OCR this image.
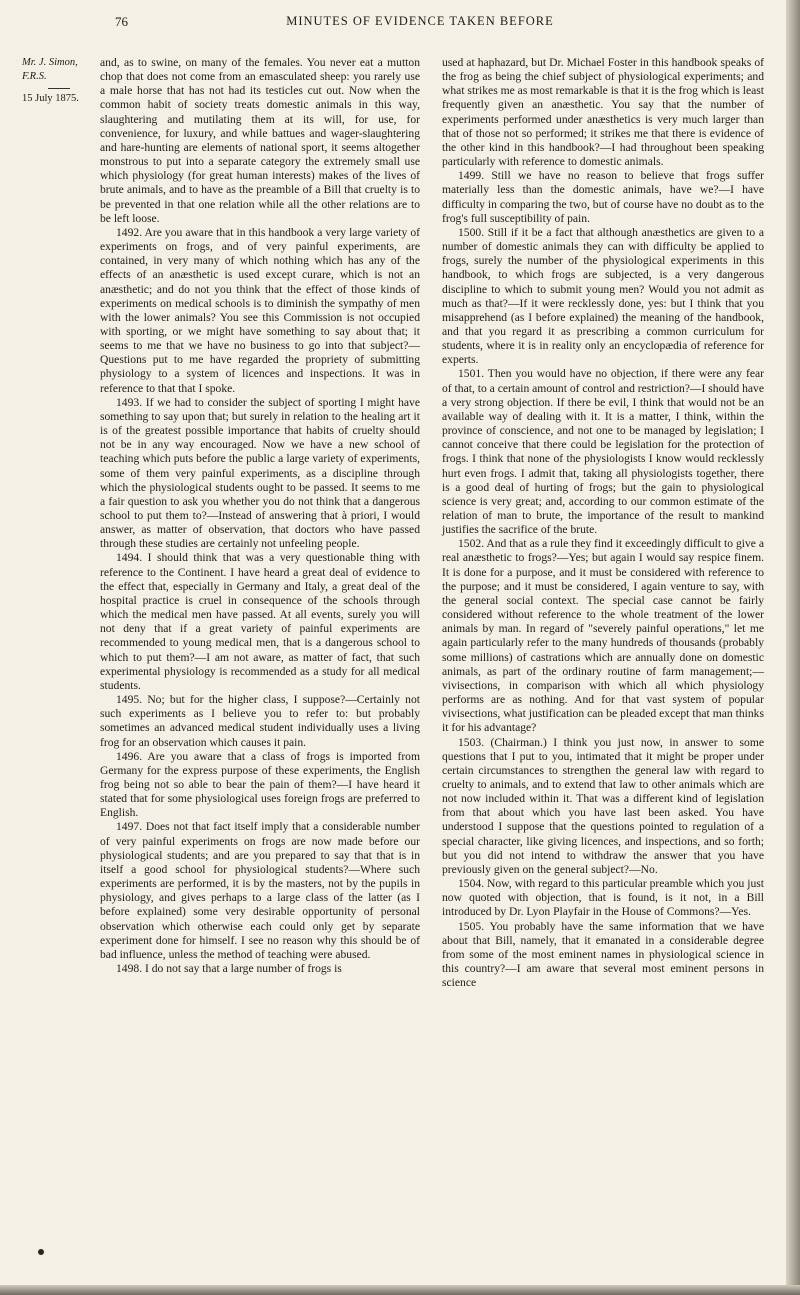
76	MINUTES OF EVIDENCE TAKEN BEFORE
Mr. J. Simon, F.R.S.
15 July 1875.

and, as to swine, on many of the females. You never eat a mutton chop that does not come from an emasculated sheep: you rarely use a male horse that has not had its testicles cut out. Now when the common habit of society treats domestic animals in this way, slaughtering and mutilating them at its will, for use, for convenience, for luxury, and while battues and wager-slaughtering and hare-hunting are elements of national sport, it seems altogether monstrous to put into a separate category the extremely small use which physiology (for great human interests) makes of the lives of brute animals, and to have as the preamble of a Bill that cruelty is to be prevented in that one relation while all the other relations are to be left loose.

1492. Are you aware that in this handbook a very large variety of experiments on frogs, and of very painful experiments, are contained, in very many of which nothing which has any of the effects of an anæsthetic is used except curare, which is not an anæsthetic; and do not you think that the effect of those kinds of experiments on medical schools is to diminish the sympathy of men with the lower animals? You see this Commission is not occupied with sporting, or we might have something to say about that; it seems to me that we have no business to go into that subject?—Questions put to me have regarded the propriety of submitting physiology to a system of licences and inspections. It was in reference to that that I spoke.

1493. If we had to consider the subject of sporting I might have something to say upon that; but surely in relation to the healing art it is of the greatest possible importance that habits of cruelty should not be in any way encouraged. Now we have a new school of teaching which puts before the public a large variety of experiments, some of them very painful experiments, as a discipline through which the physiological students ought to be passed. It seems to me a fair question to ask you whether you do not think that a dangerous school to put them to?—Instead of answering that à priori, I would answer, as matter of observation, that doctors who have passed through these studies are certainly not unfeeling people.

1494. I should think that was a very questionable thing with reference to the Continent. I have heard a great deal of evidence to the effect that, especially in Germany and Italy, a great deal of the hospital practice is cruel in consequence of the schools through which the medical men have passed. At all events, surely you will not deny that if a great variety of painful experiments are recommended to young medical men, that is a dangerous school to which to put them?—I am not aware, as matter of fact, that such experimental physiology is recommended as a study for all medical students.

1495. No; but for the higher class, I suppose?—Certainly not such experiments as I believe you to refer to: but probably sometimes an advanced medical student individually uses a living frog for an observation which causes it pain.

1496. Are you aware that a class of frogs is imported from Germany for the express purpose of these experiments, the English frog being not so able to bear the pain of them?—I have heard it stated that for some physiological uses foreign frogs are preferred to English.

1497. Does not that fact itself imply that a considerable number of very painful experiments on frogs are now made before our physiological students; and are you prepared to say that that is in itself a good school for physiological students?—Where such experiments are performed, it is by the masters, not by the pupils in physiology, and gives perhaps to a large class of the latter (as I before explained) some very desirable opportunity of personal observation which otherwise each could only get by separate experiment done for himself. I see no reason why this should be of bad influence, unless the method of teaching were abused.

1498. I do not say that a large number of frogs is

used at haphazard, but Dr. Michael Foster in this handbook speaks of the frog as being the chief subject of physiological experiments; and what strikes me as most remarkable is that it is the frog which is least frequently given an anæsthetic. You say that the number of experiments performed under anæsthetics is very much larger than that of those not so performed; it strikes me that there is evidence of the other kind in this handbook?—I had throughout been speaking particularly with reference to domestic animals.

1499. Still we have no reason to believe that frogs suffer materially less than the domestic animals, have we?—I have difficulty in comparing the two, but of course have no doubt as to the frog's full susceptibility of pain.

1500. Still if it be a fact that although anæsthetics are given to a number of domestic animals they can with difficulty be applied to frogs, surely the number of the physiological experiments in this handbook, to which frogs are subjected, is a very dangerous discipline to which to submit young men? Would you not admit as much as that?—If it were recklessly done, yes: but I think that you misapprehend (as I before explained) the meaning of the handbook, and that you regard it as prescribing a common curriculum for students, where it is in reality only an encyclopædia of reference for experts.

1501. Then you would have no objection, if there were any fear of that, to a certain amount of control and restriction?—I should have a very strong objection. If there be evil, I think that would not be an available way of dealing with it. It is a matter, I think, within the province of conscience, and not one to be managed by legislation; I cannot conceive that there could be legislation for the protection of frogs. I think that none of the physiologists I know would recklessly hurt even frogs. I admit that, taking all physiologists together, there is a good deal of hurting of frogs; but the gain to physiological science is very great; and, according to our common estimate of the relation of man to brute, the importance of the result to mankind justifies the sacrifice of the brute.

1502. And that as a rule they find it exceedingly difficult to give a real anæsthetic to frogs?—Yes; but again I would say respice finem. It is done for a purpose, and it must be considered with reference to the purpose; and it must be considered, I again venture to say, with the general social context. The special case cannot be fairly considered without reference to the whole treatment of the lower animals by man. In regard of "severely painful operations," let me again particularly refer to the many hundreds of thousands (probably some millions) of castrations which are annually done on domestic animals, as part of the ordinary routine of farm management;—vivisections, in comparison with which all which physiology performs are as nothing. And for that vast system of popular vivisections, what justification can be pleaded except that man thinks it for his advantage?

1503. (Chairman.) I think you just now, in answer to some questions that I put to you, intimated that it might be proper under certain circumstances to strengthen the general law with regard to cruelty to animals, and to extend that law to other animals which are not now included within it. That was a different kind of legislation from that about which you have last been asked. You have understood I suppose that the questions pointed to regulation of a special character, like giving licences, and inspections, and so forth; but you did not intend to withdraw the answer that you have previously given on the general subject?—No.

1504. Now, with regard to this particular preamble which you just now quoted with objection, that is found, is it not, in a Bill introduced by Dr. Lyon Playfair in the House of Commons?—Yes.

1505. You probably have the same information that we have about that Bill, namely, that it emanated in a considerable degree from some of the most eminent names in physiological science in this country?—I am aware that several most eminent persons in science
